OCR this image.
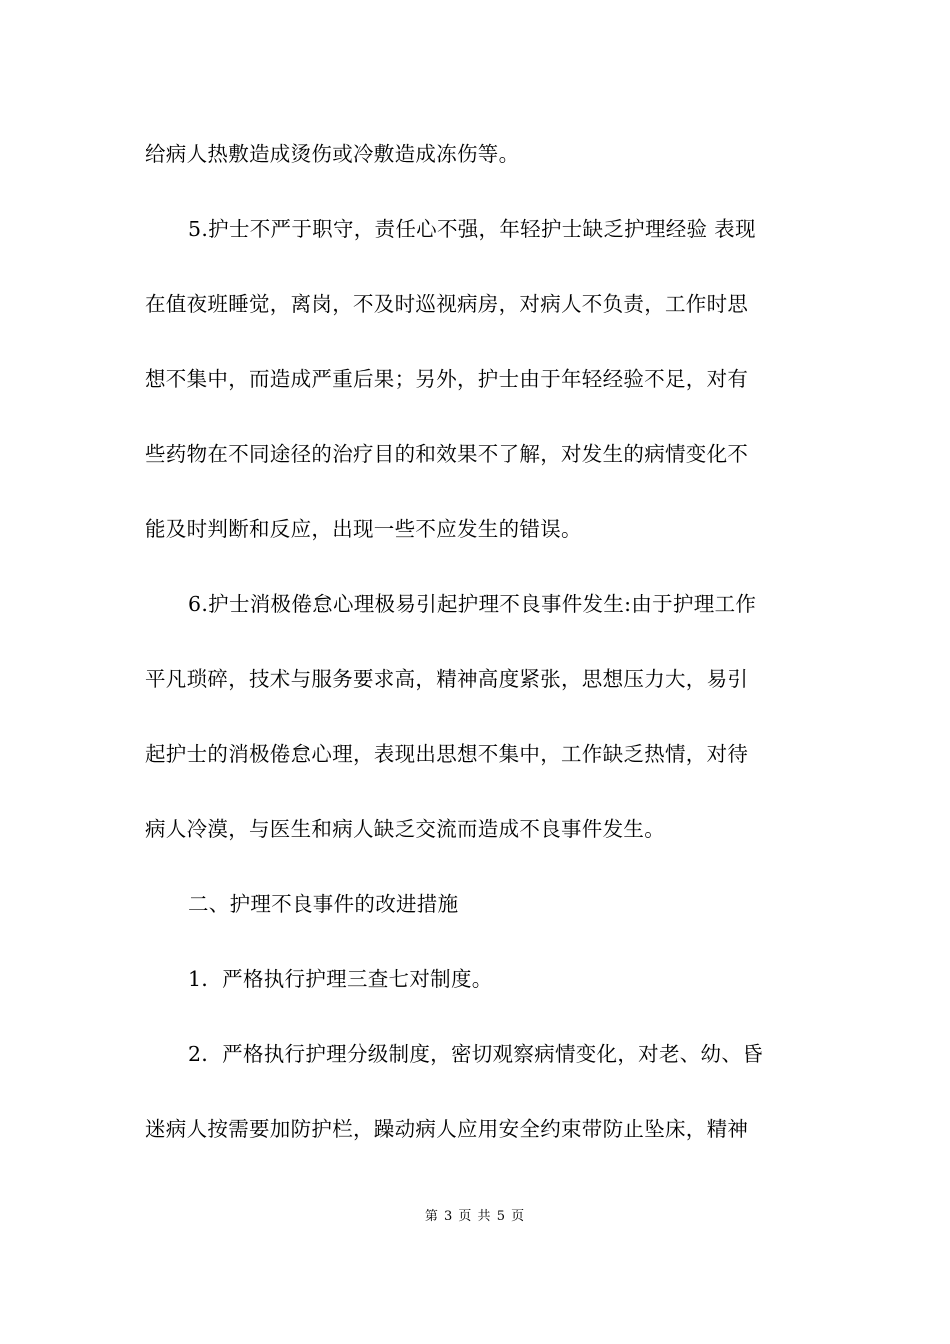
给病人热敷造成烫伤或冷敷造成冻伤等。
5.护士不严于职守，责任心不强，年轻护士缺乏护理经验 表现
在值夜班睡觉，离岗，不及时巡视病房，对病人不负责，工作时思
想不集中，而造成严重后果；另外，护士由于年轻经验不足，对有
些药物在不同途径的治疗目的和效果不了解，对发生的病情变化不
能及时判断和反应，出现一些不应发生的错误。
6.护士消极倦怠心理极易引起护理不良事件发生:由于护理工作
平凡琐碎，技术与服务要求高，精神高度紧张，思想压力大，易引
起护士的消极倦怠心理，表现出思想不集中，工作缺乏热情，对待
病人冷漠，与医生和病人缺乏交流而造成不良事件发生。
二、护理不良事件的改进措施
1．严格执行护理三查七对制度。
2．严格执行护理分级制度，密切观察病情变化，对老、幼、昏
迷病人按需要加防护栏，躁动病人应用安全约束带防止坠床，精神
第 3 页 共 5 页
